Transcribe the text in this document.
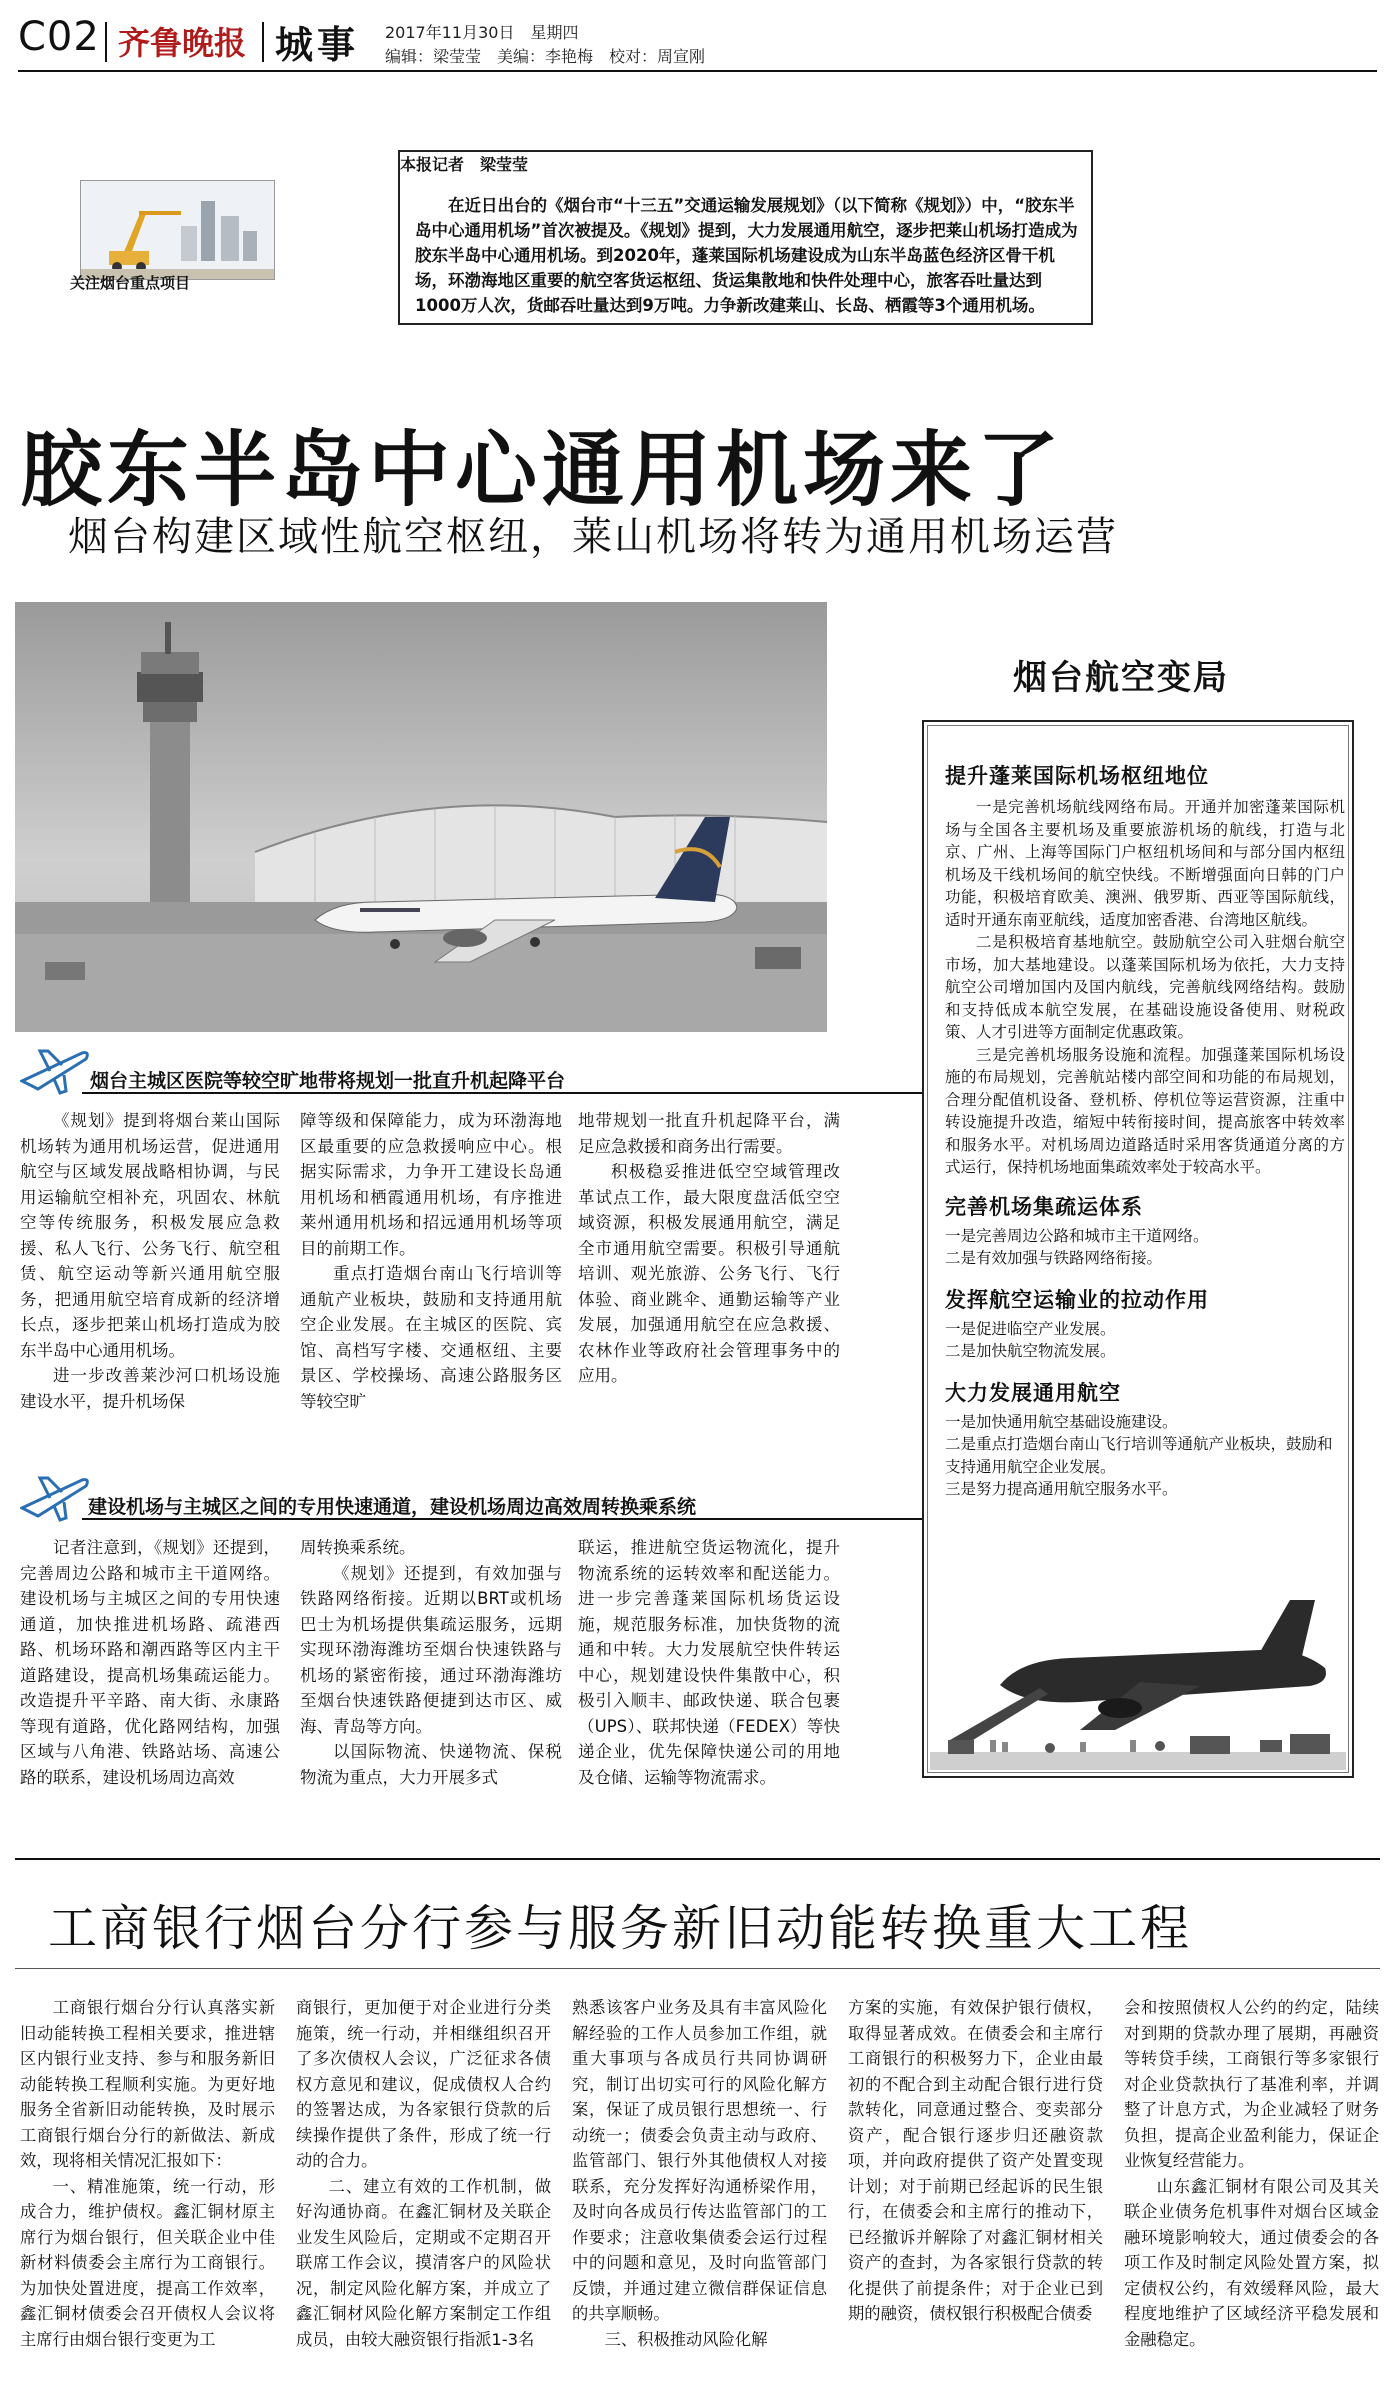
C02 齐鲁晚报 城事 2017年11月30日　星期四
编辑：梁莹莹　美编：李艳梅　校对：周宣刚
关注烟台重点项目
本报记者　梁莹莹
在近日出台的《烟台市“十三五”交通运输发展规划》（以下简称《规划》）中，“胶东半岛中心通用机场”首次被提及。《规划》提到，大力发展通用航空，逐步把莱山机场打造成为胶东半岛中心通用机场。到2020年，蓬莱国际机场建设成为山东半岛蓝色经济区骨干机场，环渤海地区重要的航空客货运枢纽、货运集散地和快件处理中心，旅客吞吐量达到1000万人次，货邮吞吐量达到9万吨。力争新改建莱山、长岛、栖霞等3个通用机场。
胶东半岛中心通用机场来了
烟台构建区域性航空枢纽，莱山机场将转为通用机场运营
烟台航空变局
提升蓬莱国际机场枢纽地位

一是完善机场航线网络布局。开通并加密蓬莱国际机场与全国各主要机场及重要旅游机场的航线，打造与北京、广州、上海等国际门户枢纽机场间和与部分国内枢纽机场及干线机场间的航空快线。不断增强面向日韩的门户功能，积极培育欧美、澳洲、俄罗斯、西亚等国际航线，适时开通东南亚航线，适度加密香港、台湾地区航线。

二是积极培育基地航空。鼓励航空公司入驻烟台航空市场，加大基地建设。以蓬莱国际机场为依托，大力支持航空公司增加国内及国内航线，完善航线网络结构。鼓励和支持低成本航空发展，在基础设施设备使用、财税政策、人才引进等方面制定优惠政策。

三是完善机场服务设施和流程。加强蓬莱国际机场设施的布局规划，完善航站楼内部空间和功能的布局规划，合理分配值机设备、登机桥、停机位等运营资源，注重中转设施提升改造，缩短中转衔接时间，提高旅客中转效率和服务水平。对机场周边道路适时采用客货通道分离的方式运行，保持机场地面集疏效率处于较高水平。

完善机场集疏运体系
一是完善周边公路和城市主干道网络。
二是有效加强与铁路网络衔接。
发挥航空运输业的拉动作用
一是促进临空产业发展。
二是加快航空物流发展。
大力发展通用航空
一是加快通用航空基础设施建设。
二是重点打造烟台南山飞行培训等通航产业板块，鼓励和支持通用航空企业发展。
三是努力提高通用航空服务水平。
烟台主城区医院等较空旷地带将规划一批直升机起降平台

《规划》提到将烟台莱山国际机场转为通用机场运营，促进通用航空与区域发展战略相协调，与民用运输航空相补充，巩固农、林航空等传统服务，积极发展应急救援、私人飞行、公务飞行、航空租赁、航空运动等新兴通用航空服务，把通用航空培育成新的经济增长点，逐步把莱山机场打造成为胶东半岛中心通用机场。

进一步改善莱沙河口机场设施建设水平，提升机场保

障等级和保障能力，成为环渤海地区最重要的应急救援响应中心。根据实际需求，力争开工建设长岛通用机场和栖霞通用机场，有序推进莱州通用机场和招远通用机场等项目的前期工作。

重点打造烟台南山飞行培训等通航产业板块，鼓励和支持通用航空企业发展。在主城区的医院、宾馆、高档写字楼、交通枢纽、主要景区、学校操场、高速公路服务区等较空旷

地带规划一批直升机起降平台，满足应急救援和商务出行需要。

积极稳妥推进低空空域管理改革试点工作，最大限度盘活低空空域资源，积极发展通用航空，满足全市通用航空需要。积极引导通航培训、观光旅游、公务飞行、飞行体验、商业跳伞、通勤运输等产业发展，加强通用航空在应急救援、农林作业等政府社会管理事务中的应用。

建设机场与主城区之间的专用快速通道，建设机场周边高效周转换乘系统

记者注意到，《规划》还提到，完善周边公路和城市主干道网络。建设机场与主城区之间的专用快速通道，加快推进机场路、疏港西路、机场环路和潮西路等区内主干道路建设，提高机场集疏运能力。改造提升平辛路、南大街、永康路等现有道路，优化路网结构，加强区域与八角港、铁路站场、高速公路的联系，建设机场周边高效

周转换乘系统。

《规划》还提到，有效加强与铁路网络衔接。近期以BRT或机场巴士为机场提供集疏运服务，远期实现环渤海潍坊至烟台快速铁路与机场的紧密衔接，通过环渤海潍坊至烟台快速铁路便捷到达市区、威海、青岛等方向。

以国际物流、快递物流、保税物流为重点，大力开展多式

联运，推进航空货运物流化，提升物流系统的运转效率和配送能力。进一步完善蓬莱国际机场货运设施，规范服务标准，加快货物的流通和中转。大力发展航空快件转运中心，规划建设快件集散中心，积极引入顺丰、邮政快递、联合包裹（UPS）、联邦快递（FEDEX）等快递企业，优先保障快递公司的用地及仓储、运输等物流需求。

工商银行烟台分行参与服务新旧动能转换重大工程

工商银行烟台分行认真落实新旧动能转换工程相关要求，推进辖区内银行业支持、参与和服务新旧动能转换工程顺利实施。为更好地服务全省新旧动能转换，及时展示工商银行烟台分行的新做法、新成效，现将相关情况汇报如下：

一、精准施策，统一行动，形成合力，维护债权。鑫汇铜材原主席行为烟台银行，但关联企业中佳新材料债委会主席行为工商银行。为加快处置进度，提高工作效率，鑫汇铜材债委会召开债权人会议将主席行由烟台银行变更为工

商银行，更加便于对企业进行分类施策，统一行动，并相继组织召开了多次债权人会议，广泛征求各债权方意见和建议，促成债权人合约的签署达成，为各家银行贷款的后续操作提供了条件，形成了统一行动的合力。

二、建立有效的工作机制，做好沟通协商。在鑫汇铜材及关联企业发生风险后，定期或不定期召开联席工作会议，摸清客户的风险状况，制定风险化解方案，并成立了鑫汇铜材风险化解方案制定工作组成员，由较大融资银行指派1-3名

熟悉该客户业务及具有丰富风险化解经验的工作人员参加工作组，就重大事项与各成员行共同协调研究，制订出切实可行的风险化解方案，保证了成员银行思想统一、行动统一；债委会负责主动与政府、监管部门、银行外其他债权人对接联系，充分发挥好沟通桥梁作用，及时向各成员行传达监管部门的工作要求；注意收集债委会运行过程中的问题和意见，及时向监管部门反馈，并通过建立微信群保证信息的共享顺畅。

三、积极推动风险化解

方案的实施，有效保护银行债权，取得显著成效。在债委会和主席行工商银行的积极努力下，企业由最初的不配合到主动配合银行进行贷款转化，同意通过整合、变卖部分资产，配合银行逐步归还融资款项，并向政府提供了资产处置变现计划；对于前期已经起诉的民生银行，在债委会和主席行的推动下，已经撤诉并解除了对鑫汇铜材相关资产的查封，为各家银行贷款的转化提供了前提条件；对于企业已到期的融资，债权银行积极配合债委

会和按照债权人公约的约定，陆续对到期的贷款办理了展期，再融资等转贷手续，工商银行等多家银行对企业贷款执行了基准利率，并调整了计息方式，为企业减轻了财务负担，提高企业盈利能力，保证企业恢复经营能力。

山东鑫汇铜材有限公司及其关联企业债务危机事件对烟台区域金融环境影响较大，通过债委会的各项工作及时制定风险处置方案，拟定债权公约，有效缓释风险，最大程度地维护了区域经济平稳发展和金融稳定。
